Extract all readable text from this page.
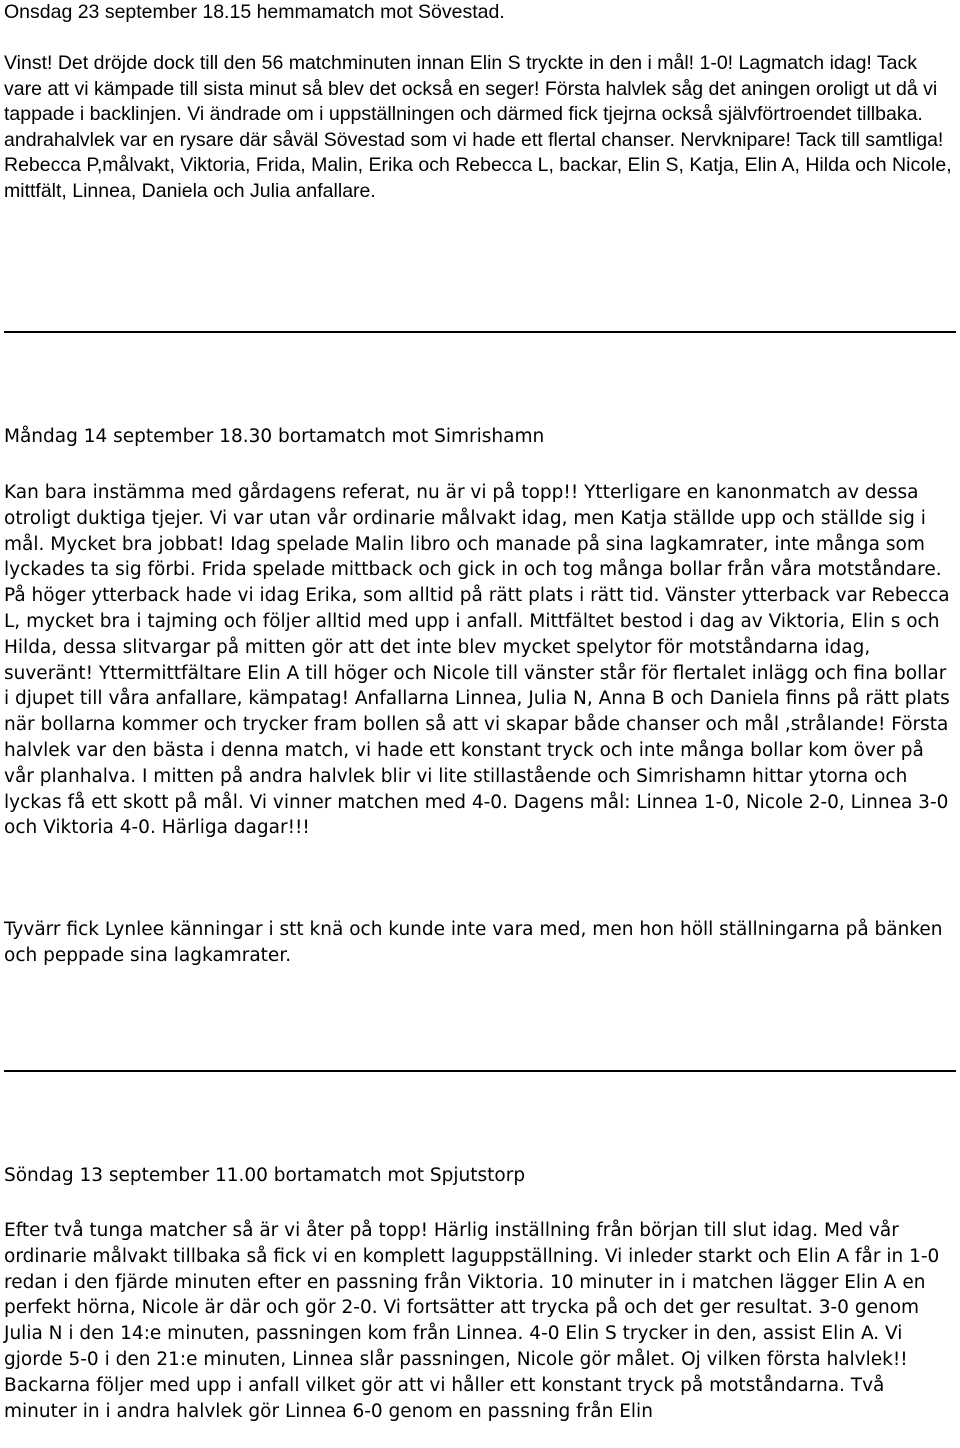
Onsdag 23 september 18.15 hemmamatch mot Sövestad.

Vinst! Det dröjde dock till den 56 matchminuten innan Elin S tryckte in den i mål! 1-0! Lagmatch idag! Tack vare att vi kämpade till sista minut så blev det också en seger! Första halvlek såg det aningen oroligt ut då vi tappade i backlinjen. Vi ändrade om i uppställningen och därmed fick tjejrna också självförtroendet tillbaka. andrahalvlek var en rysare där såväl Sövestad som vi hade ett flertal chanser. Nervknipare! Tack till samtliga! Rebecca P,målvakt, Viktoria, Frida, Malin, Erika och Rebecca L, backar, Elin S, Katja, Elin A, Hilda och Nicole, mittfält, Linnea, Daniela och Julia anfallare.

Måndag 14 september 18.30 bortamatch mot Simrishamn

Kan bara instämma med gårdagens referat, nu är vi på topp!! Ytterligare en kanonmatch av dessa otroligt duktiga tjejer. Vi var utan vår ordinarie målvakt idag, men Katja ställde upp och ställde sig i mål. Mycket bra jobbat! Idag spelade Malin libro och manade på sina lagkamrater, inte många som lyckades ta sig förbi. Frida spelade mittback och gick in och tog många bollar från våra motståndare. På höger ytterback hade vi idag Erika, som alltid på rätt plats i rätt tid. Vänster ytterback var Rebecca L, mycket bra i tajming och följer alltid med upp i anfall. Mittfältet bestod i dag av Viktoria, Elin s och Hilda, dessa slitvargar på mitten gör att det inte blev mycket spelytor för motståndarna idag, suveränt! Yttermittfältare Elin A till höger och Nicole till vänster står för flertalet inlägg och fina bollar i djupet till våra anfallare, kämpatag! Anfallarna Linnea, Julia N, Anna B och Daniela finns på rätt plats när bollarna kommer och trycker fram bollen så att vi skapar både chanser och mål ,strålande! Första halvlek var den bästa i denna match, vi hade ett konstant tryck och inte många bollar kom över på vår planhalva. I mitten på andra halvlek blir vi lite stillastående och Simrishamn hittar ytorna och lyckas få ett skott på mål. Vi vinner matchen med 4-0. Dagens mål: Linnea 1-0, Nicole 2-0, Linnea 3-0 och Viktoria 4-0. Härliga dagar!!!

Tyvärr fick Lynlee känningar i stt knä och kunde inte vara med, men hon höll ställningarna på bänken och peppade sina lagkamrater.

Söndag 13 september 11.00 bortamatch mot Spjutstorp

Efter två tunga matcher så är vi åter på topp! Härlig inställning från början till slut idag. Med vår ordinarie målvakt tillbaka så fick vi en komplett laguppställning. Vi inleder starkt och Elin A får in 1-0 redan i den fjärde minuten efter en passning från Viktoria. 10 minuter in i matchen lägger Elin A en perfekt hörna, Nicole är där och gör 2-0. Vi fortsätter att trycka på och det ger resultat. 3-0 genom Julia N i den 14:e minuten, passningen kom från Linnea. 4-0 Elin S trycker in den, assist Elin A. Vi gjorde 5-0 i den 21:e minuten, Linnea slår passningen, Nicole gör målet. Oj vilken första halvlek!! Backarna följer med upp i anfall vilket gör att vi håller ett konstant tryck på motståndarna. Två minuter in i andra halvlek gör Linnea 6-0 genom en passning från Elin
